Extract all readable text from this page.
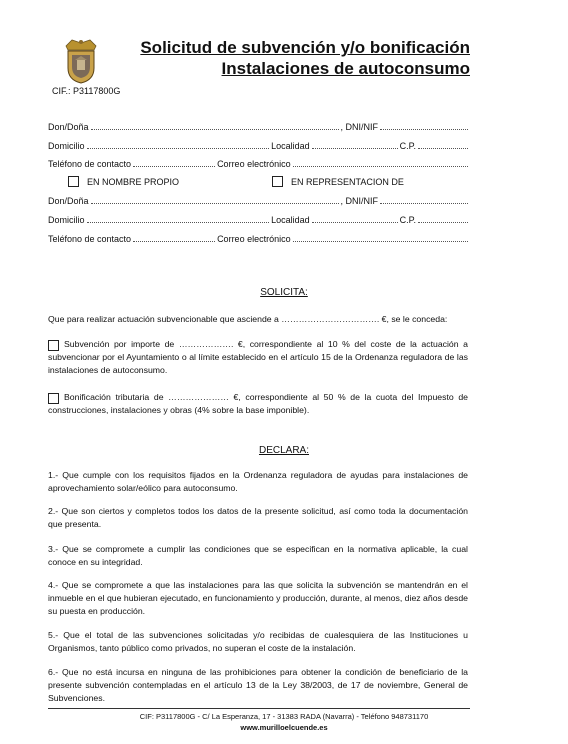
CIF.: P3117800G
Solicitud de subvención y/o bonificación
Instalaciones de autoconsumo
Don/Doña	, DNI/NIF
Domicilio	Localidad	C.P.
Teléfono de contacto	Correo electrónico
EN NOMBRE PROPIO	EN REPRESENTACION DE
Don/Doña	, DNI/NIF
Domicilio	Localidad	C.P.
Teléfono de contacto	Correo electrónico
SOLICITA:
Que para realizar actuación subvencionable que asciende a ……………………………. €, se le conceda:
Subvención por importe de ………………. €, correspondiente al 10 % del coste de la actuación a subvencionar por el Ayuntamiento o al límite establecido en el artículo 15 de la Ordenanza reguladora de las instalaciones de autoconsumo.
Bonificación tributaria de ………………… €, correspondiente al 50 % de la cuota del Impuesto de construcciones, instalaciones y obras (4% sobre la base imponible).
DECLARA:
1.- Que cumple con los requisitos fijados en la Ordenanza reguladora de ayudas para instalaciones de aprovechamiento solar/eólico para autoconsumo.
2.- Que son ciertos y completos todos los datos de la presente solicitud, así como toda la documentación que presenta.
3.- Que se compromete a cumplir las condiciones que se especifican en la normativa aplicable, la cual conoce en su integridad.
4.- Que se compromete a que las instalaciones para las que solicita la subvención se mantendrán en el inmueble en el que hubieran ejecutado, en funcionamiento y producción, durante, al menos, diez años desde su puesta en producción.
5.- Que el total de las subvenciones solicitadas y/o recibidas de cualesquiera de las Instituciones u Organismos, tanto público como privados, no superan el coste de la instalación.
6.- Que no está incursa en ninguna de las prohibiciones para obtener la condición de beneficiario de la presente subvención contempladas en el artículo 13 de la Ley 38/2003, de 17 de noviembre, General de Subvenciones.
CIF: P3117800G - C/ La Esperanza, 17 - 31383 RADA (Navarra) - Teléfono 948731170
www.murilloelcuende.es
